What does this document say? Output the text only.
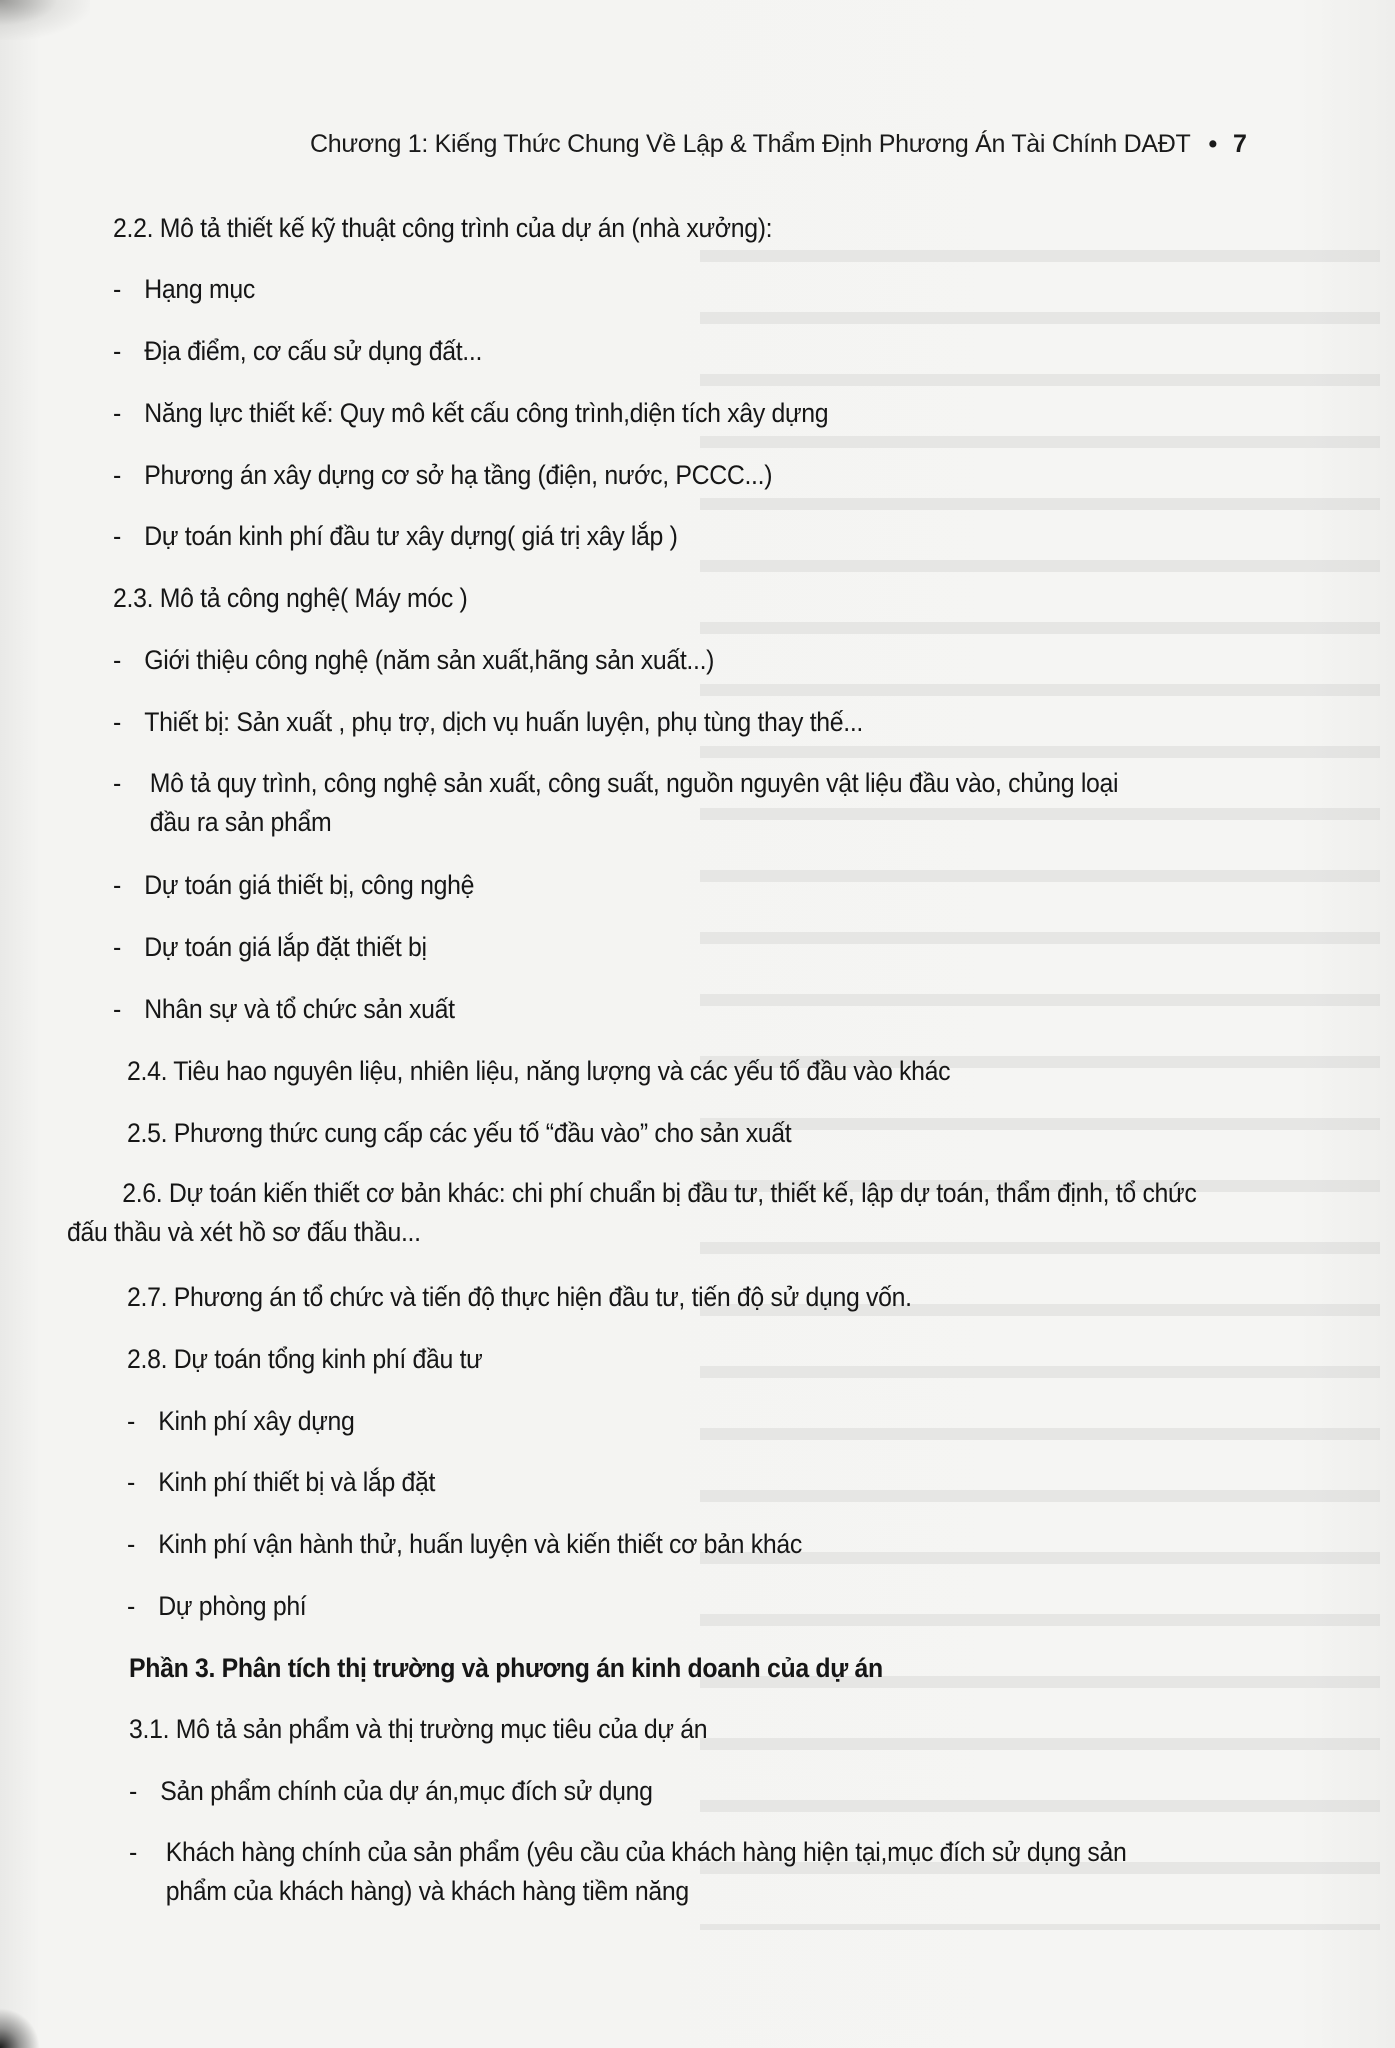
Chương 1: Kiếng Thức Chung Về Lập & Thẩm Định Phương Án Tài Chính DAĐT • 7
2.2. Mô tả thiết kế kỹ thuật công trình của dự án (nhà xưởng):
- Hạng mục
- Địa điểm, cơ cấu sử dụng đất...
- Năng lực thiết kế: Quy mô kết cấu công trình,diện tích xây dựng
- Phương án xây dựng cơ sở hạ tầng (điện, nước, PCCC...)
- Dự toán kinh phí đầu tư xây dựng( giá trị xây lắp )
2.3. Mô tả công nghệ( Máy móc )
- Giới thiệu công nghệ (năm sản xuất,hãng sản xuất...)
- Thiết bị: Sản xuất , phụ trợ, dịch vụ huấn luyện, phụ tùng thay thế...
-	Mô tả quy trình, công nghệ sản xuất, công suất, nguồn nguyên vật liệu đầu vào, chủng loại đầu ra sản phẩm
- Dự toán giá thiết bị, công nghệ
- Dự toán giá lắp đặt thiết bị
- Nhân sự và tổ chức sản xuất
2.4. Tiêu hao nguyên liệu, nhiên liệu, năng lượng và các yếu tố đầu vào khác
2.5. Phương thức cung cấp các yếu tố “đầu vào” cho sản xuất
2.6. Dự toán kiến thiết cơ bản khác: chi phí chuẩn bị đầu tư, thiết kế, lập dự toán, thẩm định, tổ chức đấu thầu và xét hồ sơ đấu thầu...
2.7. Phương án tổ chức và tiến độ thực hiện đầu tư, tiến độ sử dụng vốn.
2.8. Dự toán tổng kinh phí đầu tư
- Kinh phí xây dựng
- Kinh phí thiết bị và lắp đặt
- Kinh phí vận hành thử, huấn luyện và kiến thiết cơ bản khác
- Dự phòng phí
Phần 3. Phân tích thị trường và phương án kinh doanh của dự án
3.1. Mô tả sản phẩm và thị trường mục tiêu của dự án
- Sản phẩm chính của dự án,mục đích sử dụng
-	Khách hàng chính của sản phẩm (yêu cầu của khách hàng hiện tại,mục đích sử dụng sản phẩm của khách hàng) và khách hàng tiềm năng
